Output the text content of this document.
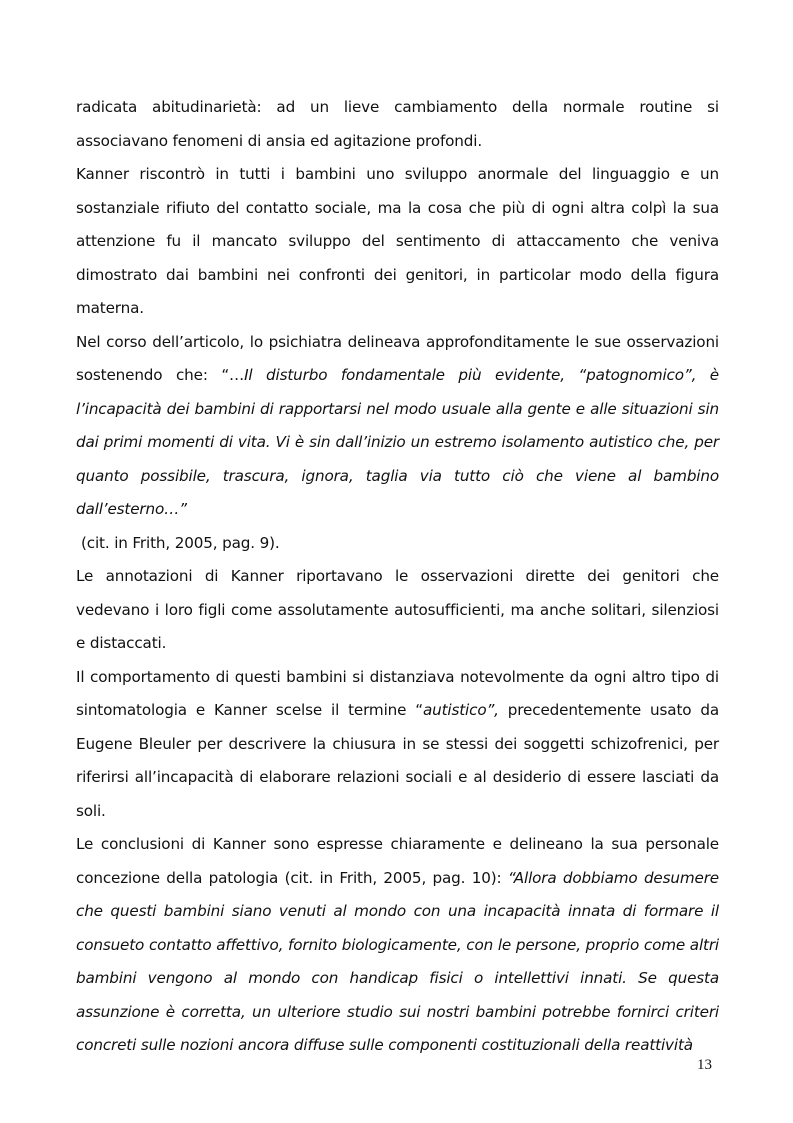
radicata abitudinarietà: ad un lieve cambiamento della normale routine si associavano fenomeni di ansia ed agitazione profondi.

Kanner riscontrò in tutti i bambini uno sviluppo anormale del linguaggio e un sostanziale rifiuto del contatto sociale, ma la cosa che più di ogni altra colpì la sua attenzione fu il mancato sviluppo del sentimento di attaccamento che veniva dimostrato dai bambini nei confronti dei genitori, in particolar modo della figura materna.

Nel corso dell’articolo, lo psichiatra delineava approfonditamente le sue osservazioni sostenendo che: “…Il disturbo fondamentale più evidente, “patognomico”, è l’incapacità dei bambini di rapportarsi nel modo usuale alla gente e alle situazioni sin dai primi momenti di vita. Vi è sin dall’inizio un estremo isolamento autistico che, per quanto possibile, trascura, ignora, taglia via tutto ciò che viene al bambino dall’esterno…”

(cit. in Frith, 2005, pag. 9).

Le annotazioni di Kanner riportavano le osservazioni dirette dei genitori che vedevano i loro figli come assolutamente autosufficienti, ma anche solitari, silenziosi e distaccati.

Il comportamento di questi bambini si distanziava notevolmente da ogni altro tipo di sintomatologia e Kanner scelse il termine “autistico”, precedentemente usato da Eugene Bleuler per descrivere la chiusura in se stessi dei soggetti schizofrenici, per riferirsi all’incapacità di elaborare relazioni sociali e al desiderio di essere lasciati da soli.

Le conclusioni di Kanner sono espresse chiaramente e delineano la sua personale concezione della patologia (cit. in Frith, 2005, pag. 10): “Allora dobbiamo desumere che questi bambini siano venuti al mondo con una incapacità innata di formare il consueto contatto affettivo, fornito biologicamente, con le persone, proprio come altri bambini vengono al mondo con handicap fisici o intellettivi innati. Se questa assunzione è corretta, un ulteriore studio sui nostri bambini potrebbe fornirci criteri concreti sulle nozioni ancora diffuse sulle componenti costituzionali della reattività

13
